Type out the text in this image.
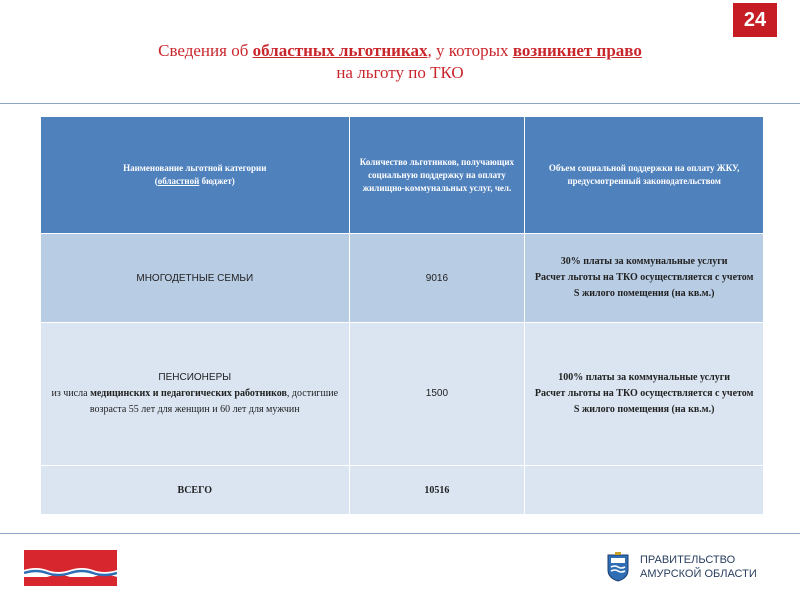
24
Сведения об областных льготниках, у которых возникнет право
на льготу по ТКО
Наименование льготной категории
(областной бюджет)	Количество льготников, получающих социальную поддержку на оплату жилищно-коммунальных услуг, чел.	Объем социальной поддержки на оплату ЖКУ, предусмотренный законодательством
МНОГОДЕТНЫЕ СЕМЬИ	9016	30% платы за коммунальные услуги
Расчет льготы на ТКО осуществляется с учетом S жилого помещения (на кв.м.)
ПЕНСИОНЕРЫ
из числа медицинских и педагогических работников, достигшие возраста 55 лет для женщин и 60 лет для мужчин	1500	100% платы за коммунальные услуги
Расчет льготы на ТКО осуществляется с учетом S жилого помещения (на кв.м.)
ВСЕГО	10516	
ПРАВИТЕЛЬСТВО
АМУРСКОЙ ОБЛАСТИ
